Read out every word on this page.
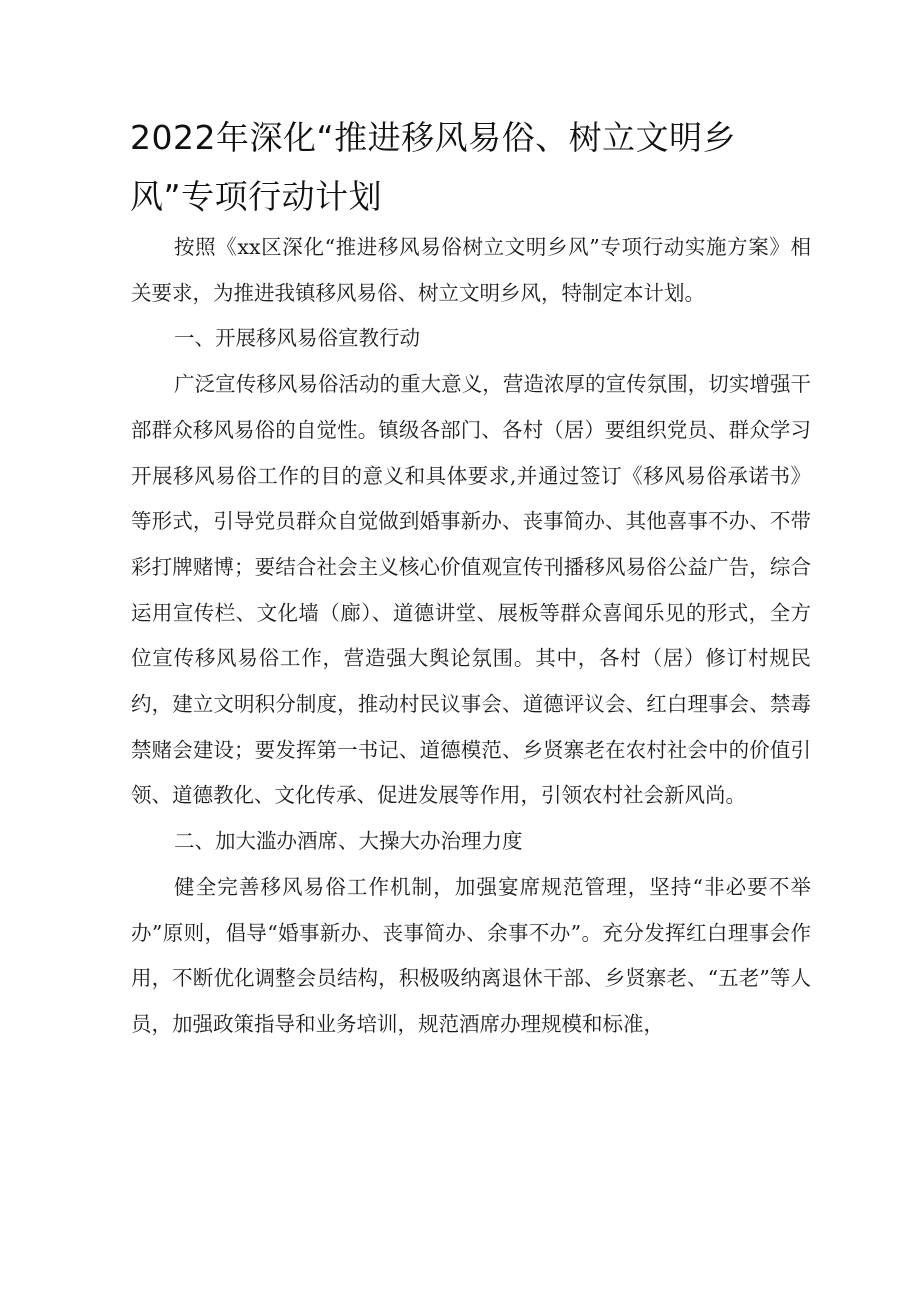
2022年深化“推进移风易俗、树立文明乡
风”专项行动计划

按照《xx区深化“推进移风易俗树立文明乡风”专项行动实施方案》相关要求，为推进我镇移风易俗、树立文明乡风，特制定本计划。

一、开展移风易俗宣教行动

广泛宣传移风易俗活动的重大意义，营造浓厚的宣传氛围，切实增强干部群众移风易俗的自觉性。镇级各部门、各村（居）要组织党员、群众学习开展移风易俗工作的目的意义和具体要求,并通过签订《移风易俗承诺书》等形式，引导党员群众自觉做到婚事新办、丧事简办、其他喜事不办、不带彩打牌赌博；要结合社会主义核心价值观宣传刊播移风易俗公益广告，综合运用宣传栏、文化墙（廊）、道德讲堂、展板等群众喜闻乐见的形式，全方位宣传移风易俗工作，营造强大舆论氛围。其中，各村（居）修订村规民约，建立文明积分制度，推动村民议事会、道德评议会、红白理事会、禁毒禁赌会建设；要发挥第一书记、道德模范、乡贤寨老在农村社会中的价值引领、道德教化、文化传承、促进发展等作用，引领农村社会新风尚。

二、加大滥办酒席、大操大办治理力度

健全完善移风易俗工作机制，加强宴席规范管理，坚持“非必要不举办”原则，倡导“婚事新办、丧事简办、余事不办”。充分发挥红白理事会作用，不断优化调整会员结构，积极吸纳离退休干部、乡贤寨老、“五老”等人员，加强政策指导和业务培训，规范酒席办理规模和标准，
